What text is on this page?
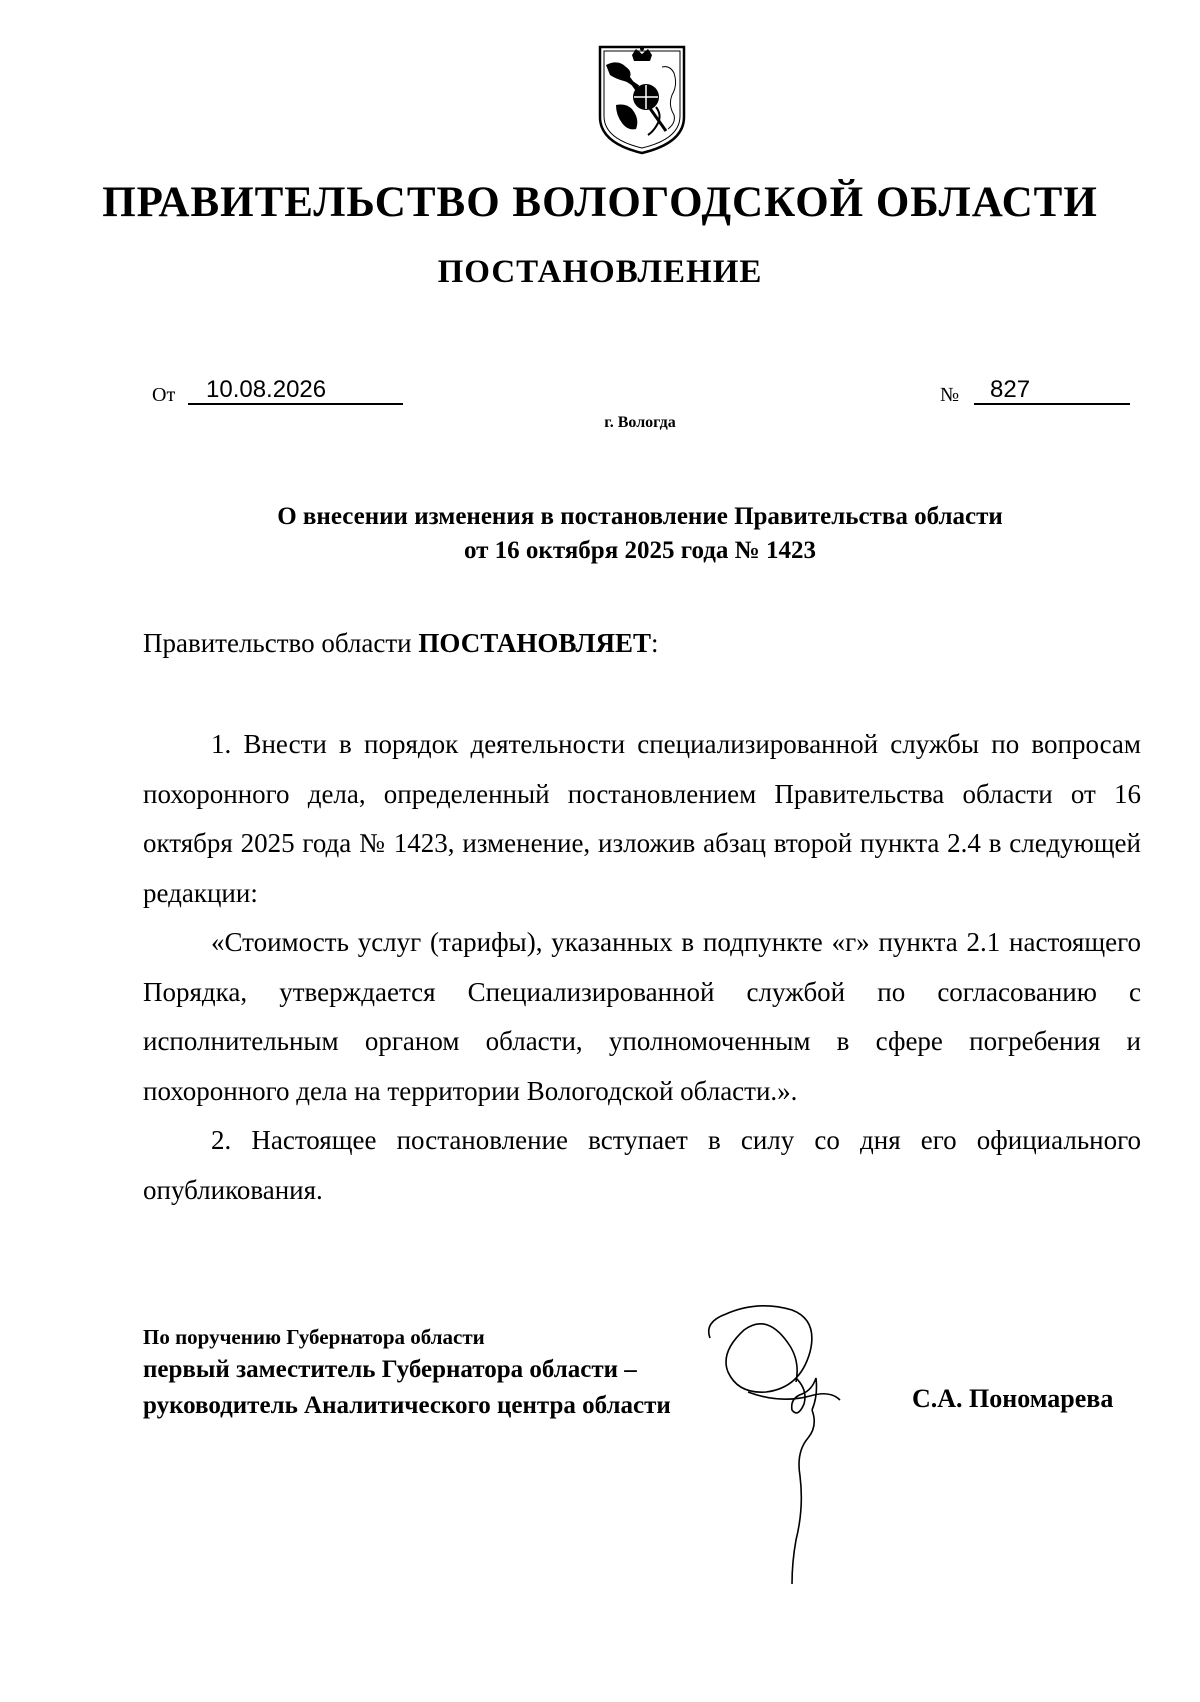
ПРАВИТЕЛЬСТВО ВОЛОГОДСКОЙ ОБЛАСТИ
ПОСТАНОВЛЕНИЕ
От	10.08.2026	№	827
г. Вологда
О внесении изменения в постановление Правительства области
от 16 октября 2025 года № 1423

Правительство области ПОСТАНОВЛЯЕТ:

1. Внести в порядок деятельности специализированной службы по вопросам похоронного дела, определенный постановлением Правительства области от 16 октября 2025 года № 1423, изменение, изложив абзац второй пункта 2.4 в следующей редакции:

«Стоимость услуг (тарифы), указанных в подпункте «г» пункта 2.1 настоящего Порядка, утверждается Специализированной службой по согласованию с исполнительным органом области, уполномоченным в сфере погребения и похоронного дела на территории Вологодской области.».

2. Настоящее постановление вступает в силу со дня его официального опубликования.

По поручению Губернатора области
первый заместитель Губернатора области –
руководитель Аналитического центра области	С.А. Пономарева
